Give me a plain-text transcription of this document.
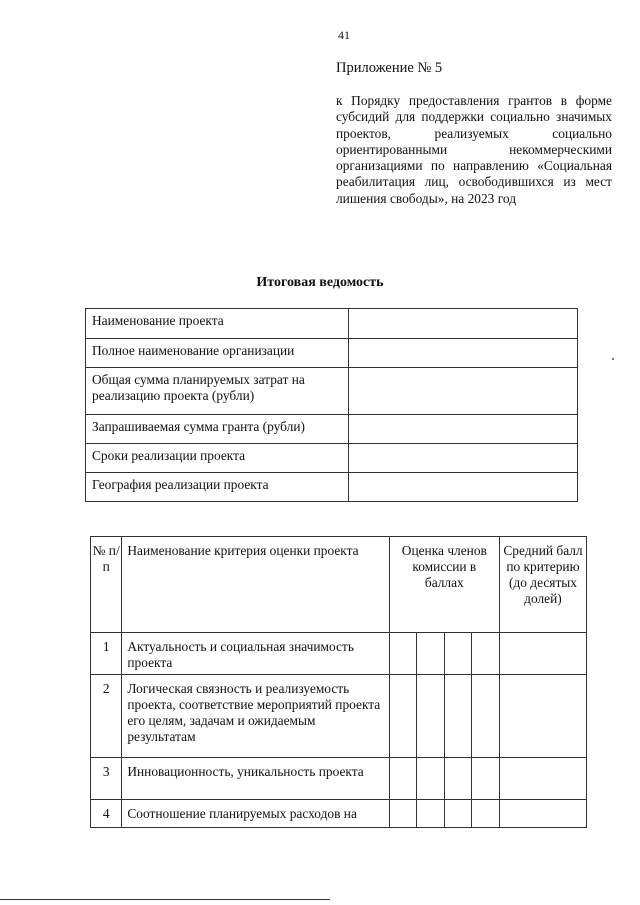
41
Приложение № 5
к Порядку предоставления грантов в форме субсидий для поддержки социально значимых проектов, реализуемых социально ориентированными некоммерческими организациями по направлению «Социальная реабилитация лиц, освободившихся из мест лишения свободы», на 2023 год
Итоговая ведомость
Наименование проекта	
Полное наименование организации	
Общая сумма планируемых затрат на реализацию проекта (рубли)	
Запрашиваемая сумма гранта (рубли)	
Сроки реализации проекта	
География реализации проекта	
№ п/п	Наименование критерия оценки проекта	Оценка членов комиссии в баллах				Средний балл по критерию (до десятых долей)
1	Актуальность и социальная значимость проекта					
2	Логическая связность и реализуемость проекта, соответствие мероприятий проекта его целям, задачам и ожидаемым результатам					
3	Инновационность, уникальность проекта					
4	Соотношение планируемых расходов на					
